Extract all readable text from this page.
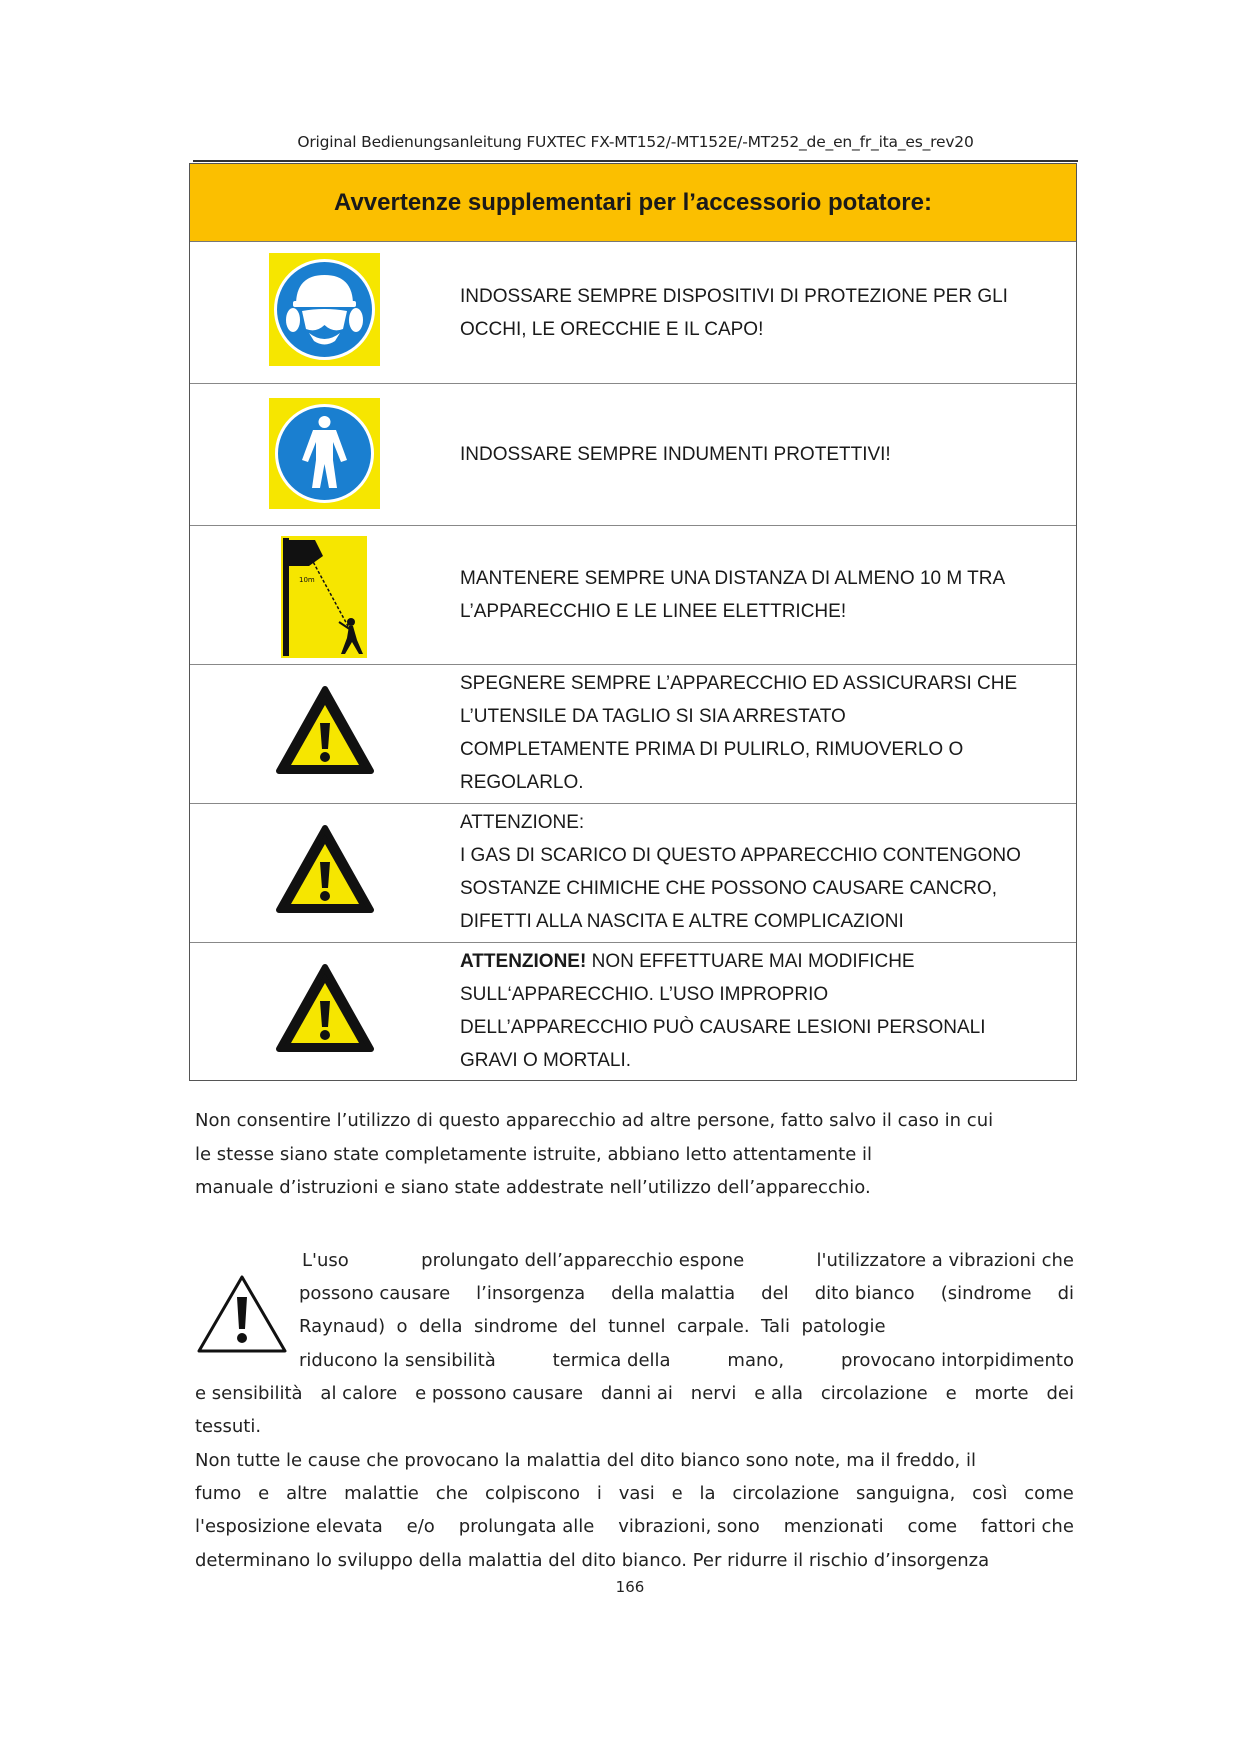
Original Bedienungsanleitung FUXTEC FX-MT152/-MT152E/-MT252_de_en_fr_ita_es_rev20
Avvertenze supplementari per l’accessorio potatore:
INDOSSARE SEMPRE DISPOSITIVI DI PROTEZIONE PER GLI
OCCHI, LE ORECCHIE E IL CAPO!
INDOSSARE SEMPRE INDUMENTI PROTETTIVI!
10m	MANTENERE SEMPRE UNA DISTANZA DI ALMENO 10 M TRA
L’APPARECCHIO E LE LINEE ELETTRICHE!
SPEGNERE SEMPRE L’APPARECCHIO ED ASSICURARSI CHE
L’UTENSILE DA TAGLIO SI SIA ARRESTATO
COMPLETAMENTE PRIMA DI PULIRLO, RIMUOVERLO O
REGOLARLO.
ATTENZIONE:
I GAS DI SCARICO DI QUESTO APPARECCHIO CONTENGONO
SOSTANZE CHIMICHE CHE POSSONO CAUSARE CANCRO,
DIFETTI ALLA NASCITA E ALTRE COMPLICAZIONI
ATTENZIONE! NON EFFETTUARE MAI MODIFICHE
SULL‘APPARECCHIO. L’USO IMPROPRIO
DELL’APPARECCHIO PUÒ CAUSARE LESIONI PERSONALI
GRAVI O MORTALI.
Non consentire l’utilizzo di questo apparecchio ad altre persone, fatto salvo il caso in cui
le stesse siano state completamente istruite, abbiano letto attentamente il
manuale d’istruzioni e siano state addestrate nell’utilizzo dell’apparecchio.
L'uso	prolungato dell’apparecchio espone	l'utilizzatore a vibrazioni che
possono causare l’insorgenza della malattia del dito bianco (sindrome di
Raynaud)  o  della  sindrome  del  tunnel  carpale.  Tali  patologie
riducono la sensibilità	termica della	mano,	provocano intorpidimento
e sensibilità al calore e possono causare danni ai nervi e alla circolazione e morte dei
tessuti.
Non tutte le cause che provocano la malattia del dito bianco sono note, ma il freddo, il
fumo e altre malattie che colpiscono i vasi e la circolazione sanguigna, così come
l'esposizione elevata e/o prolungata alle vibrazioni, sono menzionati come fattori che
determinano lo sviluppo della malattia del dito bianco. Per ridurre il rischio d’insorgenza
166
